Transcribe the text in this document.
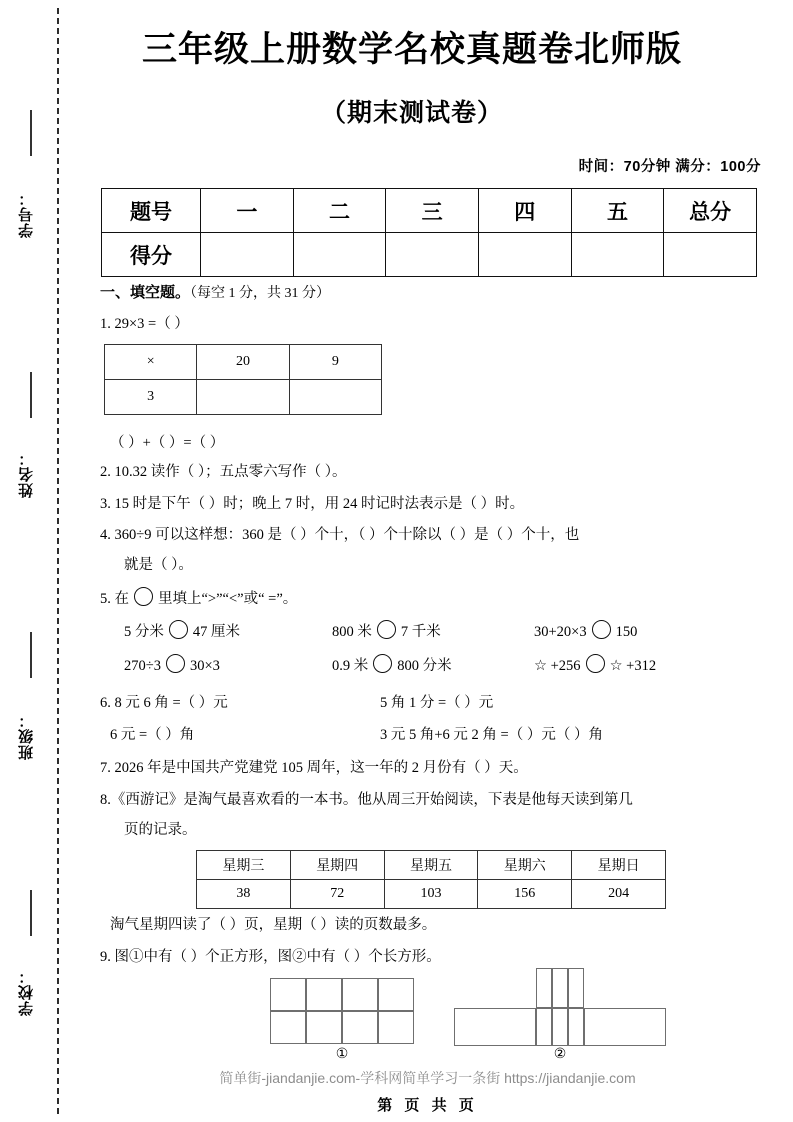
学号：
姓名：
班级：
学校：
三年级上册数学名校真题卷北师版
（期末测试卷）
时间：70分钟 满分：100分
题号	一	二	三	四	五	总分
得分						
一、填空题。（每空 1 分，共 31 分）
1. 29×3 =（ ）
×	20	9
3		
（ ）+（ ）=（ ）
2. 10.32 读作（ ）；五点零六写作（ ）。
3. 15 时是下午（ ）时；晚上 7 时，用 24 时记时法表示是（ ）时。
4. 360÷9 可以这样想：360 是（ ）个十，（ ）个十除以（ ）是（ ）个十，也
就是（ ）。
5. 在 里填上“>”“<”或“ =”。
5 分米 47 厘米	800 米 7 千米	30+20×3 150
270÷3 30×3	0.9 米 800 分米	☆ +256 ☆ +312
6. 8 元 6 角 =（ ）元	5 角 1 分 =（ ）元
6 元 =（ ）角	3 元 5 角+6 元 2 角 =（ ）元（ ）角
7. 2026 年是中国共产党建党 105 周年，这一年的 2 月份有（ ）天。
8.《西游记》是淘气最喜欢看的一本书。他从周三开始阅读，下表是他每天读到第几
页的记录。
星期三	星期四	星期五	星期六	星期日
38	72	103	156	204
淘气星期四读了（ ）页，星期（ ）读的页数最多。
9. 图①中有（ ）个正方形，图②中有（ ）个长方形。
①	②
简单街-jiandanjie.com-学科网简单学习一条街 https://jiandanjie.com
第 页 共 页
